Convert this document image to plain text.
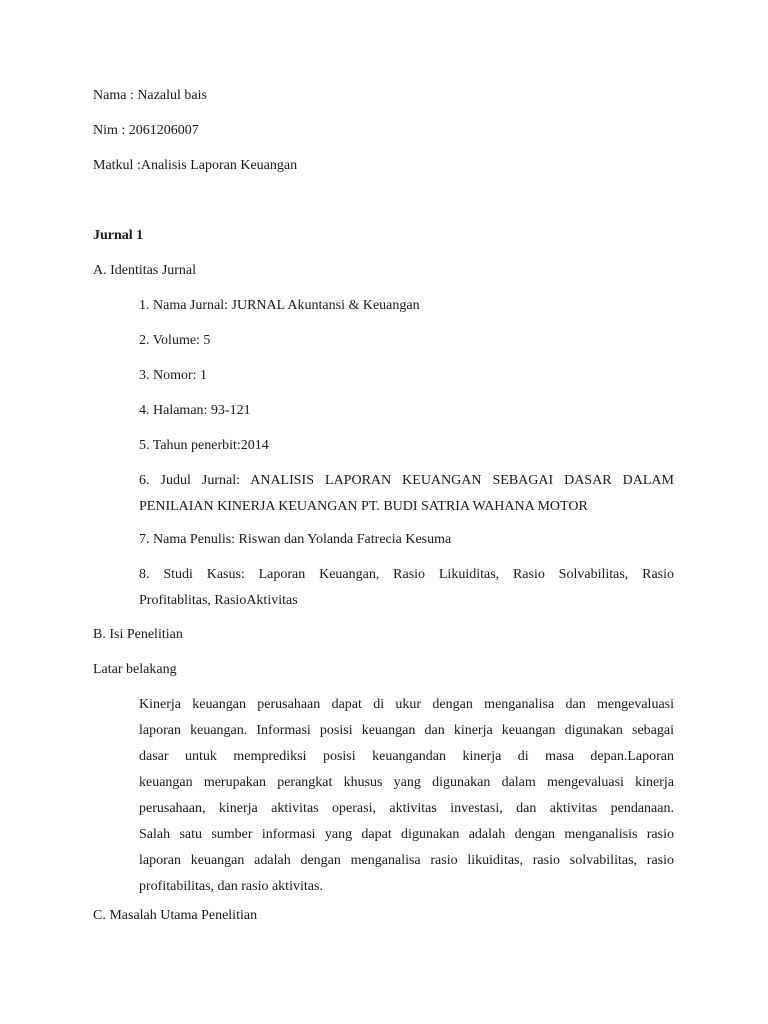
Nama : Nazalul bais
Nim : 2061206007
Matkul :Analisis Laporan Keuangan
Jurnal 1
A. Identitas Jurnal
1. Nama Jurnal: JURNAL Akuntansi & Keuangan
2. Volume: 5
3. Nomor: 1
4. Halaman: 93-121
5. Tahun penerbit:2014
6. Judul Jurnal: ANALISIS LAPORAN KEUANGAN SEBAGAI DASAR DALAM
PENILAIAN KINERJA KEUANGAN PT. BUDI SATRIA WAHANA MOTOR
7. Nama Penulis: Riswan dan Yolanda Fatrecia Kesuma
8. Studi Kasus: Laporan Keuangan, Rasio Likuiditas, Rasio Solvabilitas, Rasio
Profitablitas, RasioAktivitas
B. Isi Penelitian
Latar belakang
Kinerja keuangan perusahaan dapat di ukur dengan menganalisa dan mengevaluasi
laporan keuangan. Informasi posisi keuangan dan kinerja keuangan digunakan sebagai
dasar untuk memprediksi posisi keuangandan kinerja di masa depan.Laporan
keuangan merupakan perangkat khusus yang digunakan dalam mengevaluasi kinerja
perusahaan, kinerja aktivitas operasi, aktivitas investasi, dan aktivitas pendanaan.
Salah satu sumber informasi yang dapat digunakan adalah dengan menganalisis rasio
laporan keuangan adalah dengan menganalisa rasio likuiditas, rasio solvabilitas, rasio
profitabilitas, dan rasio aktivitas.
C. Masalah Utama Penelitian
